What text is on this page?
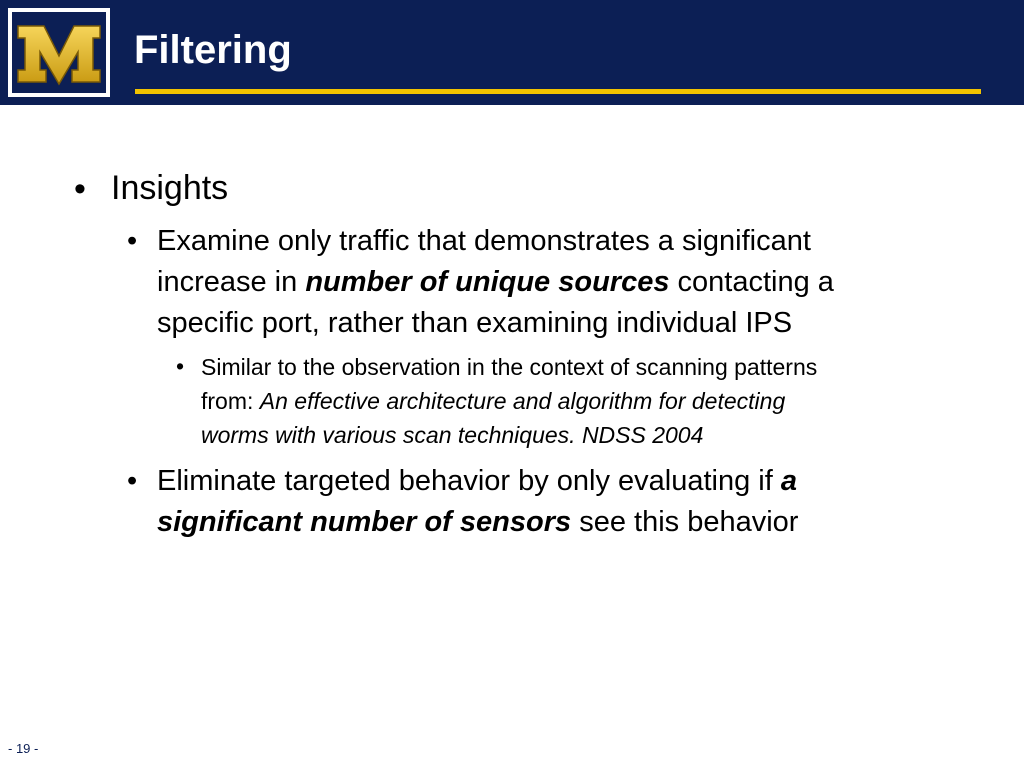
Filtering
• Insights
• Examine only traffic that demonstrates a significant
increase in number of unique sources contacting a
specific port, rather than examining individual IPS
• Similar to the observation in the context of scanning patterns
from: An effective architecture and algorithm for detecting
worms with various scan techniques. NDSS 2004
• Eliminate targeted behavior by only evaluating if a
significant number of sensors see this behavior
- 19 -
